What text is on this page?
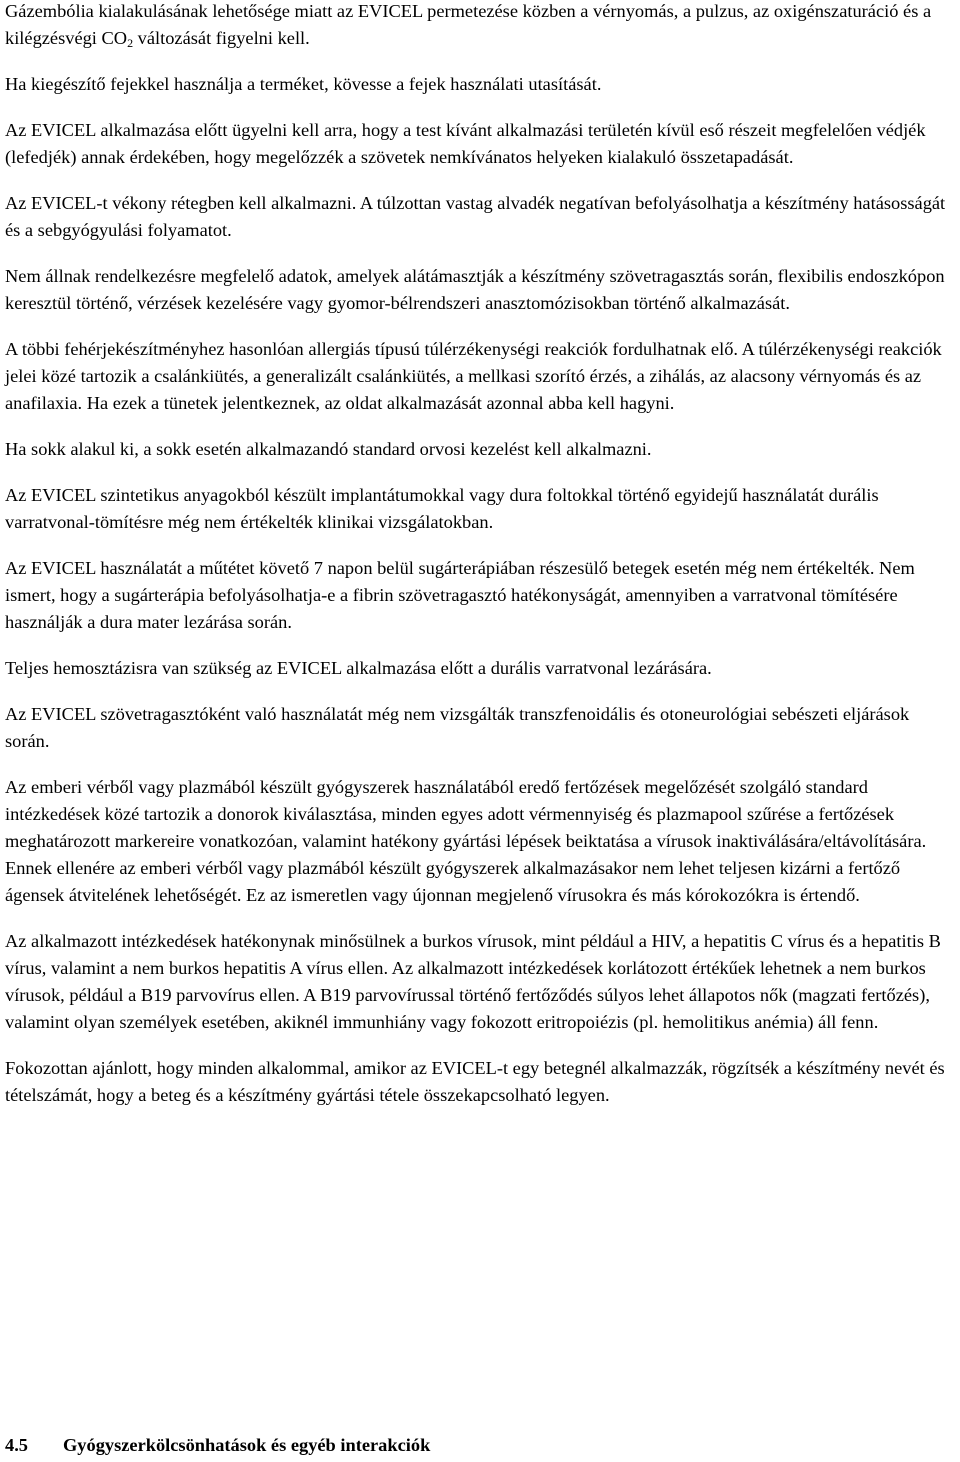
Gázembólia kialakulásának lehetősége miatt az EVICEL permetezése közben a vérnyomás, a pulzus, az oxigénszaturáció és a kilégzésvégi CO2 változását figyelni kell.

Ha kiegészítő fejekkel használja a terméket, kövesse a fejek használati utasítását.

Az EVICEL alkalmazása előtt ügyelni kell arra, hogy a test kívánt alkalmazási területén kívül eső részeit megfelelően védjék (lefedjék) annak érdekében, hogy megelőzzék a szövetek nemkívánatos helyeken kialakuló összetapadását.

Az EVICEL-t vékony rétegben kell alkalmazni. A túlzottan vastag alvadék negatívan befolyásolhatja a készítmény hatásosságát és a sebgyógyulási folyamatot.

Nem állnak rendelkezésre megfelelő adatok, amelyek alátámasztják a készítmény szövetragasztás során, flexibilis endoszkópon keresztül történő, vérzések kezelésére vagy gyomor-bélrendszeri anasztomózisokban történő alkalmazását.

A többi fehérjekészítményhez hasonlóan allergiás típusú túlérzékenységi reakciók fordulhatnak elő. A túlérzékenységi reakciók jelei közé tartozik a csalánkiütés, a generalizált csalánkiütés, a mellkasi szorító érzés, a zihálás, az alacsony vérnyomás és az anafilaxia. Ha ezek a tünetek jelentkeznek, az oldat alkalmazását azonnal abba kell hagyni.

Ha sokk alakul ki, a sokk esetén alkalmazandó standard orvosi kezelést kell alkalmazni.

Az EVICEL szintetikus anyagokból készült implantátumokkal vagy dura foltokkal történő egyidejű használatát durális varratvonal-tömítésre még nem értékelték klinikai vizsgálatokban.

Az EVICEL használatát a műtétet követő 7 napon belül sugárterápiában részesülő betegek esetén még nem értékelték. Nem ismert, hogy a sugárterápia befolyásolhatja-e a fibrin szövetragasztó hatékonyságát, amennyiben a varratvonal tömítésére használják a dura mater lezárása során.

Teljes hemosztázisra van szükség az EVICEL alkalmazása előtt a durális varratvonal lezárására.

Az EVICEL szövetragasztóként való használatát még nem vizsgálták transzfenoidális és otoneurológiai sebészeti eljárások során.

Az emberi vérből vagy plazmából készült gyógyszerek használatából eredő fertőzések megelőzését szolgáló standard intézkedések közé tartozik a donorok kiválasztása, minden egyes adott vérmennyiség és plazmapool szűrése a fertőzések meghatározott markereire vonatkozóan, valamint hatékony gyártási lépések beiktatása a vírusok inaktiválására/eltávolítására. Ennek ellenére az emberi vérből vagy plazmából készült gyógyszerek alkalmazásakor nem lehet teljesen kizárni a fertőző ágensek átvitelének lehetőségét. Ez az ismeretlen vagy újonnan megjelenő vírusokra és más kórokozókra is értendő.

Az alkalmazott intézkedések hatékonynak minősülnek a burkos vírusok, mint például a HIV, a hepatitis C vírus és a hepatitis B vírus, valamint a nem burkos hepatitis A vírus ellen. Az alkalmazott intézkedések korlátozott értékűek lehetnek a nem burkos vírusok, például a B19 parvovírus ellen. A B19 parvovírussal történő fertőződés súlyos lehet állapotos nők (magzati fertőzés), valamint olyan személyek esetében, akiknél immunhiány vagy fokozott eritropoiézis (pl. hemolitikus anémia) áll fenn.

Fokozottan ajánlott, hogy minden alkalommal, amikor az EVICEL-t egy betegnél alkalmazzák, rögzítsék a készítmény nevét és tételszámát, hogy a beteg és a készítmény gyártási tétele összekapcsolható legyen.

4.5 Gyógyszerkölcsönhatások és egyéb interakciók
